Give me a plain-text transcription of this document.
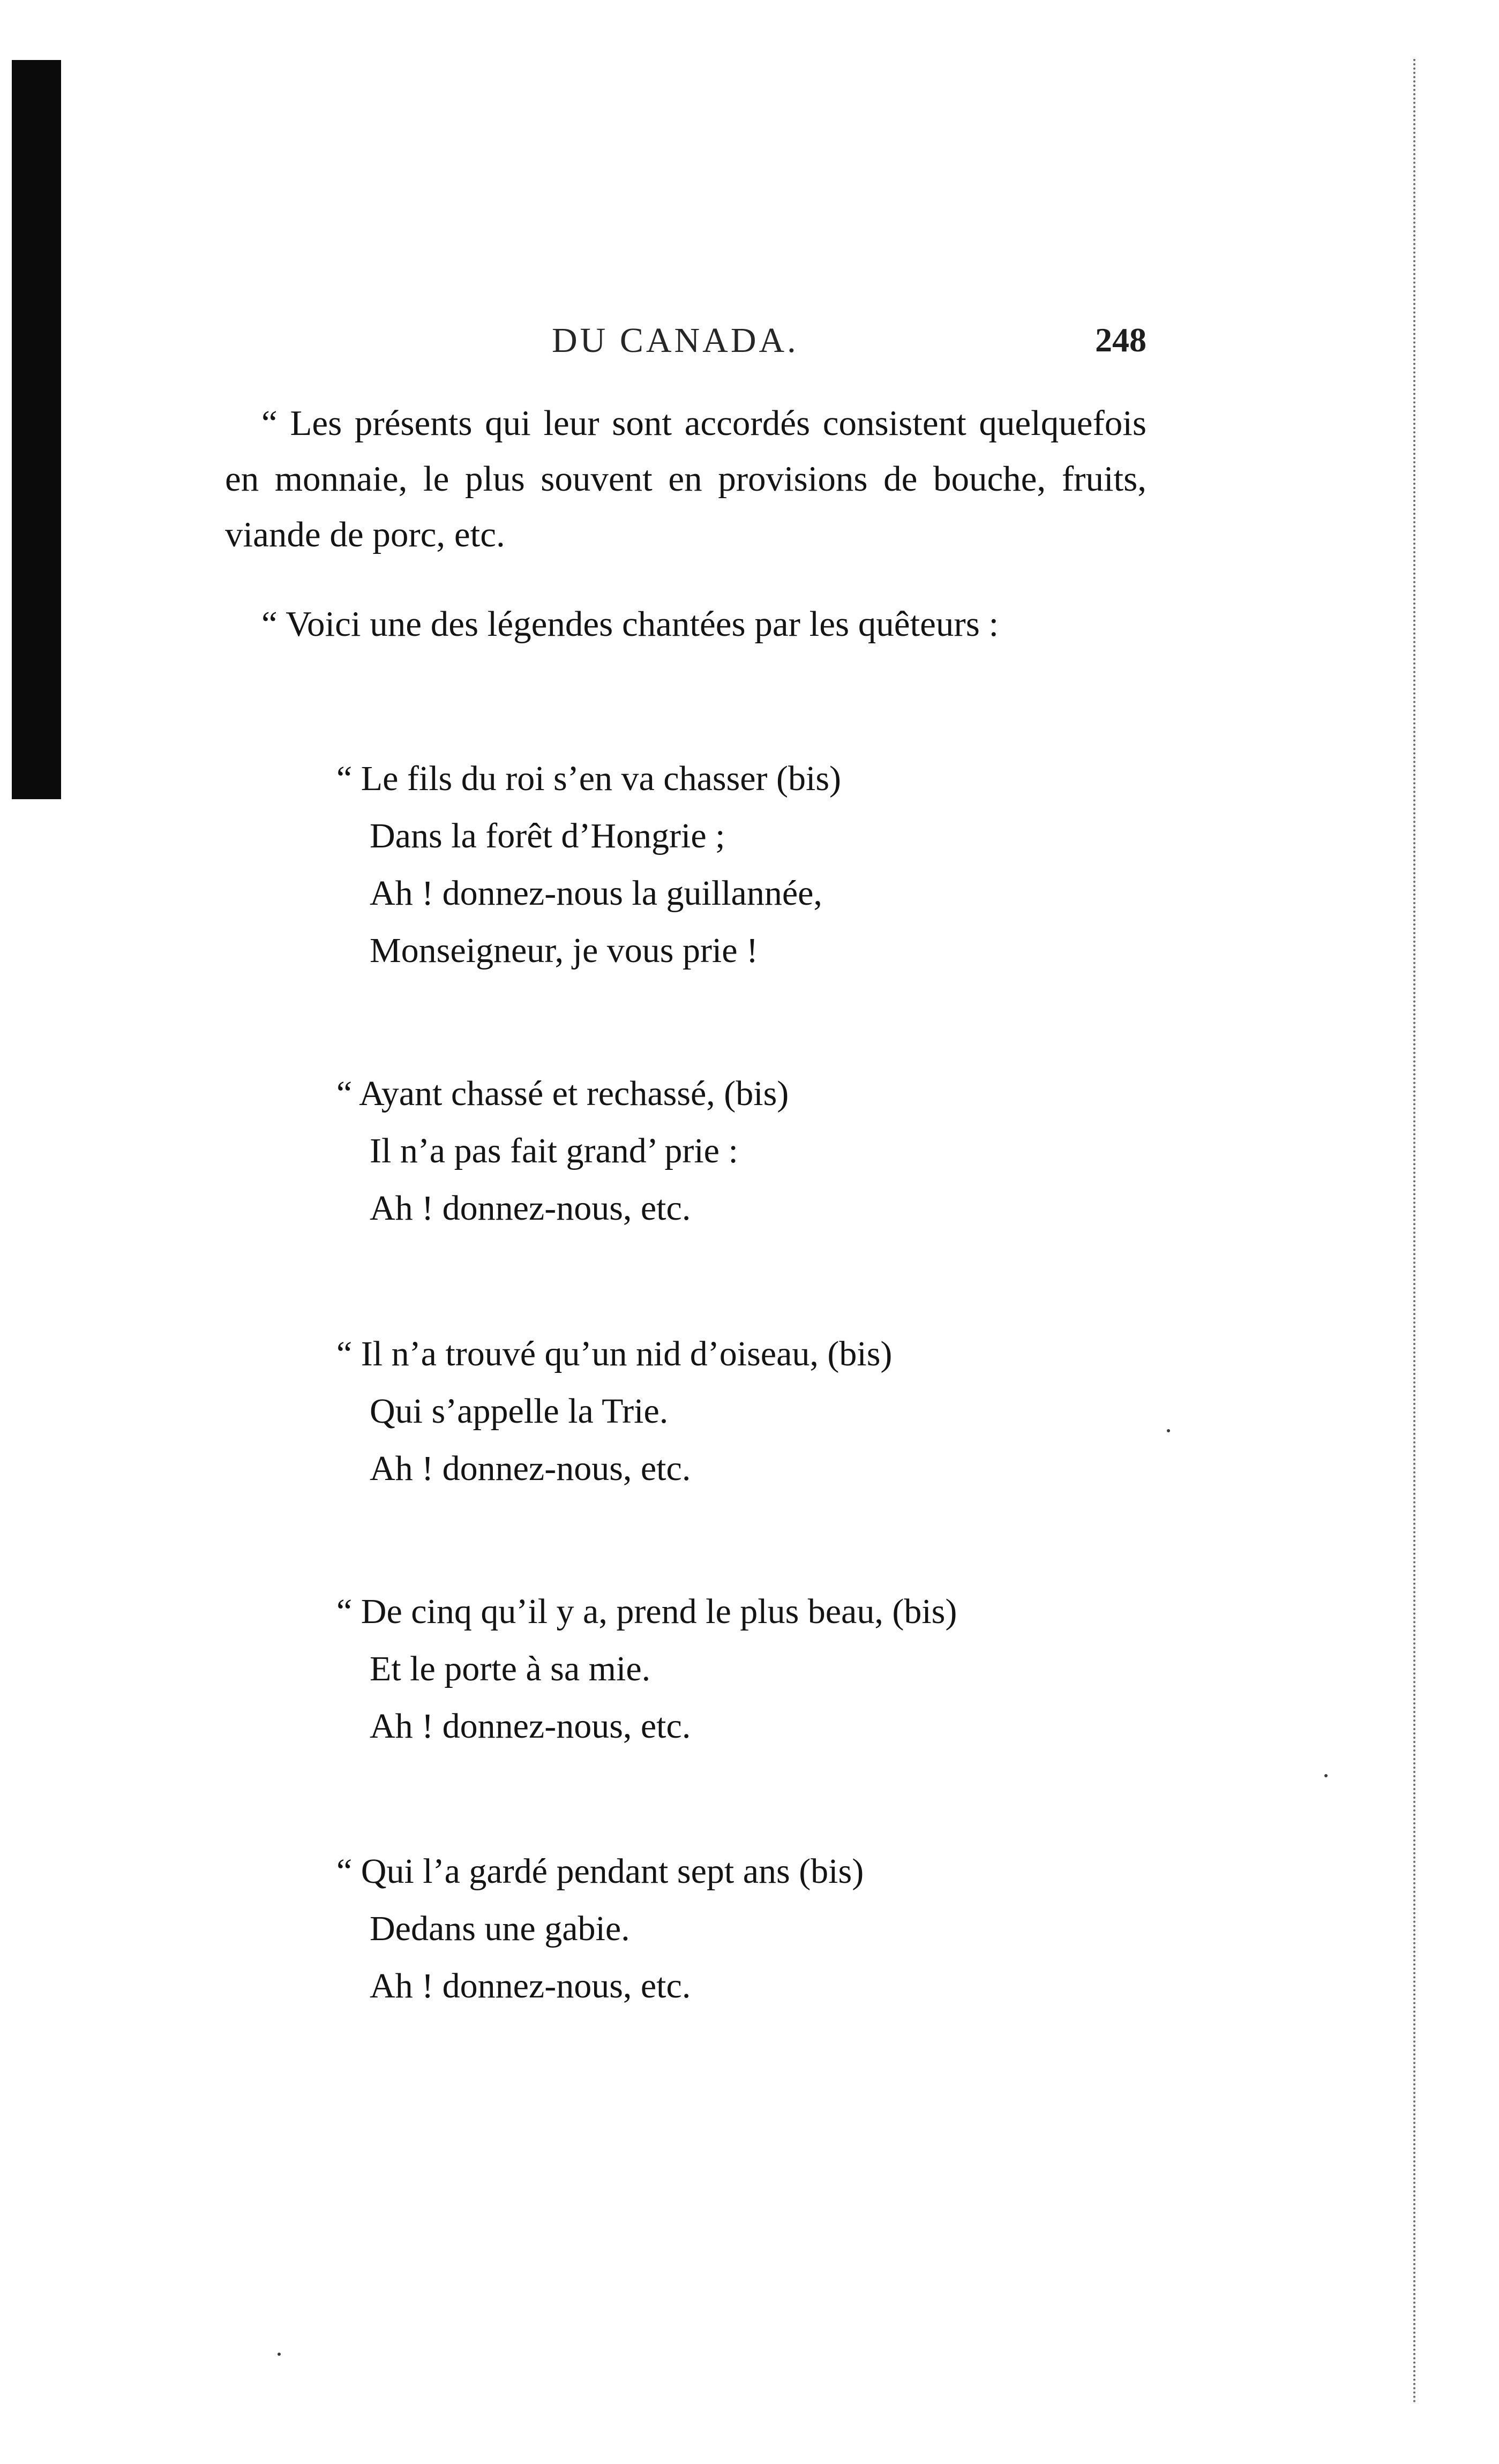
DU CANADA.	248

“ Les présents qui leur sont accordés consistent quelquefois en monnaie, le plus souvent en provisions de bouche, fruits, viande de porc, etc.

“ Voici une des légendes chantées par les quêteurs :

“ Le fils du roi s’en va chasser (bis)
Dans la forêt d’Hongrie ;
Ah ! donnez-nous la guillannée,
Monseigneur, je vous prie !
“ Ayant chassé et rechassé, (bis)
Il n’a pas fait grand’ prie :
Ah ! donnez-nous, etc.
“ Il n’a trouvé qu’un nid d’oiseau, (bis)
Qui s’appelle la Trie.
Ah ! donnez-nous, etc.
“ De cinq qu’il y a, prend le plus beau, (bis)
Et le porte à sa mie.
Ah ! donnez-nous, etc.
“ Qui l’a gardé pendant sept ans (bis)
Dedans une gabie.
Ah ! donnez-nous, etc.
